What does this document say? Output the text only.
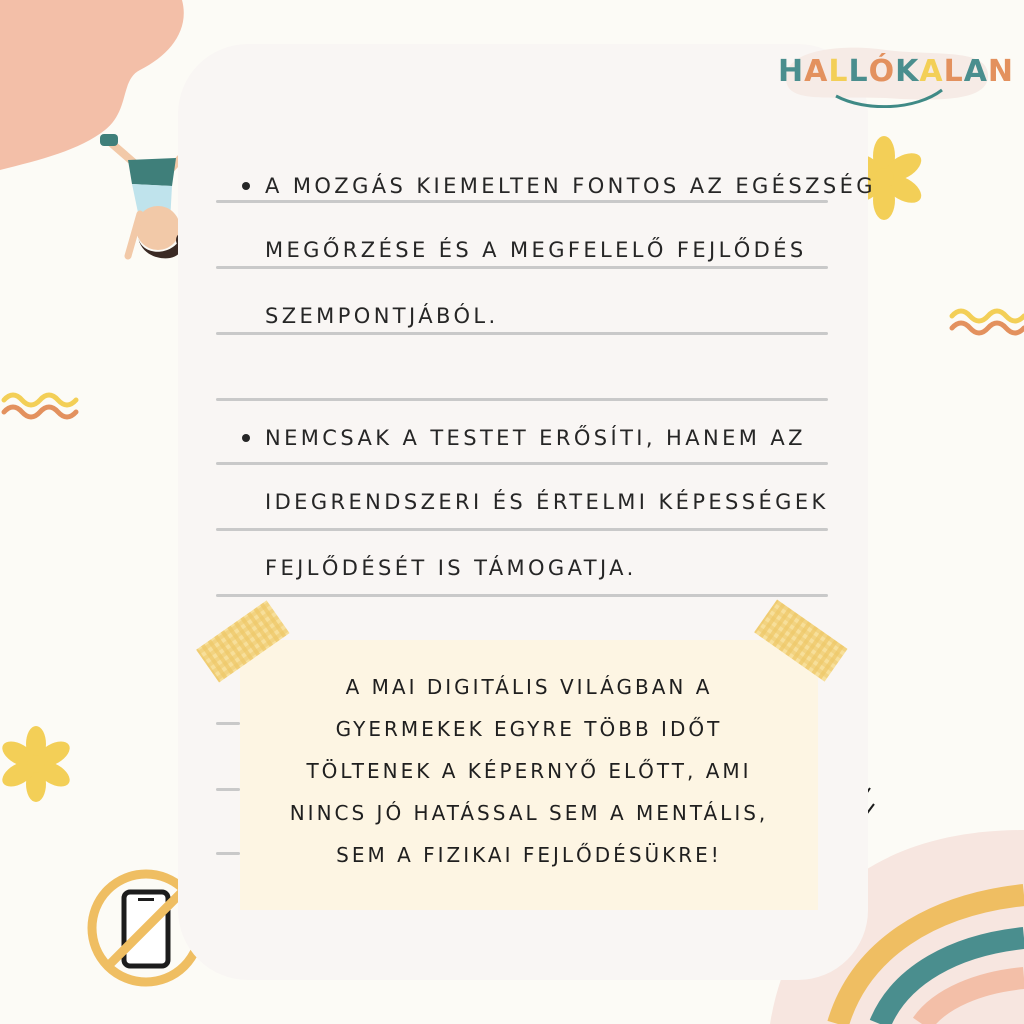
A MOZGÁS KIEMELTEN FONTOS AZ EGÉSZSÉG
MEGŐRZÉSE ÉS A MEGFELELŐ FEJLŐDÉS
SZEMPONTJÁBÓL.
NEMCSAK A TESTET ERŐSÍTI, HANEM AZ
IDEGRENDSZERI ÉS ÉRTELMI KÉPESSÉGEK
FEJLŐDÉSÉT IS TÁMOGATJA.
A MAI DIGITÁLIS VILÁGBAN A
GYERMEKEK EGYRE TÖBB IDŐT
TÖLTENEK A KÉPERNYŐ ELŐTT, AMI
NINCS JÓ HATÁSSAL SEM A MENTÁLIS,
SEM A FIZIKAI FEJLŐDÉSÜKRE!
HALLÓKALAN
